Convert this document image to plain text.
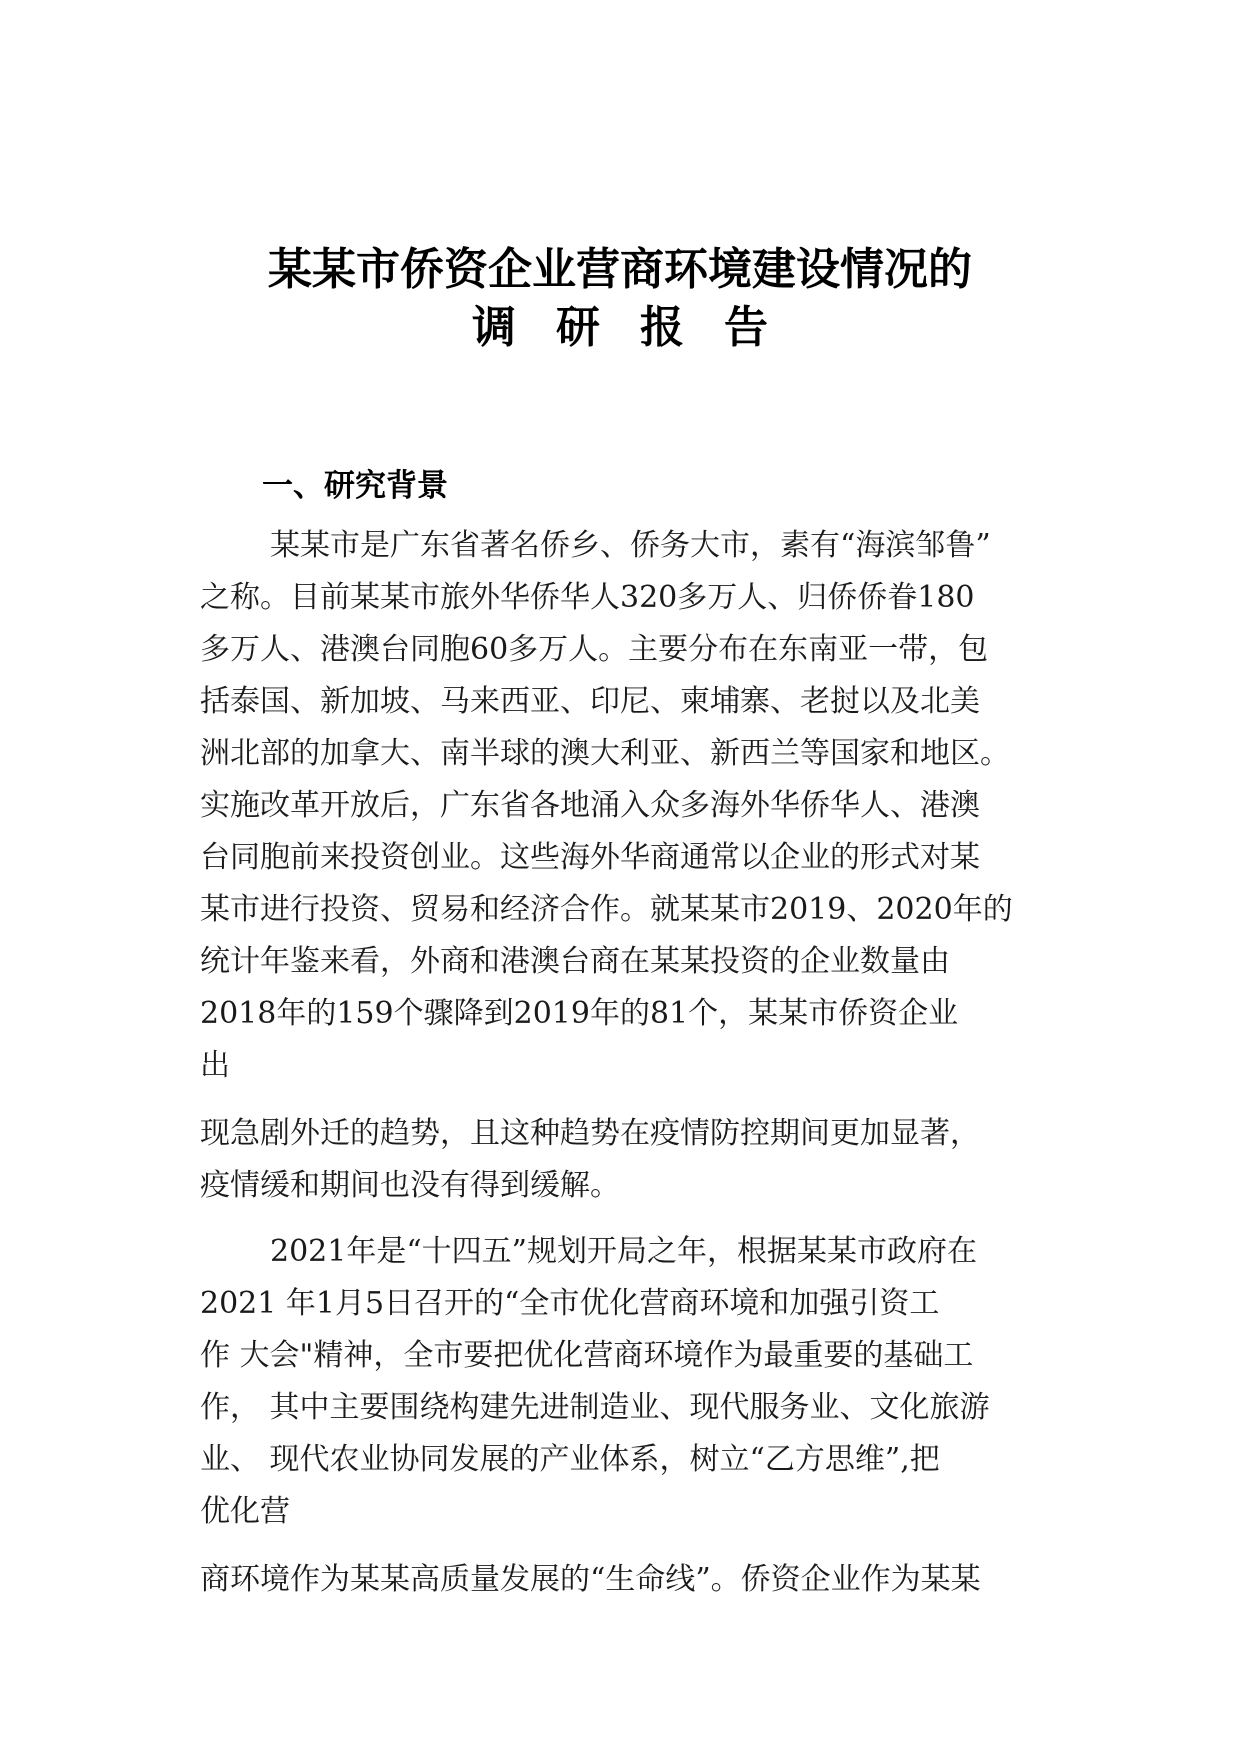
某某市侨资企业营商环境建设情况的
调研报告
一、研究背景
某某市是广东省著名侨乡、侨务大市，素有“海滨邹鲁”
之称。目前某某市旅外华侨华人320多万人、归侨侨眷180
多万人、港澳台同胞60多万人。主要分布在东南亚一带，包
括泰国、新加坡、马来西亚、印尼、柬埔寨、老挝以及北美
洲北部的加拿大、南半球的澳大利亚、新西兰等国家和地区。
实施改革开放后，广东省各地涌入众多海外华侨华人、港澳
台同胞前来投资创业。这些海外华商通常以企业的形式对某
某市进行投资、贸易和经济合作。就某某市2019、2020年的
统计年鉴来看，外商和港澳台商在某某投资的企业数量由
2018年的159个骤降到2019年的81个，某某市侨资企业
出
现急剧外迁的趋势，且这种趋势在疫情防控期间更加显著，
疫情缓和期间也没有得到缓解。
2021年是“十四五”规划开局之年，根据某某市政府在
2021 年1月5日召开的“全市优化营商环境和加强引资工
作 大会"精神，全市要把优化营商环境作为最重要的基础工
作， 其中主要围绕构建先进制造业、现代服务业、文化旅游
业、 现代农业协同发展的产业体系，树立“乙方思维”,把
优化营
商环境作为某某高质量发展的“生命线”。侨资企业作为某某
